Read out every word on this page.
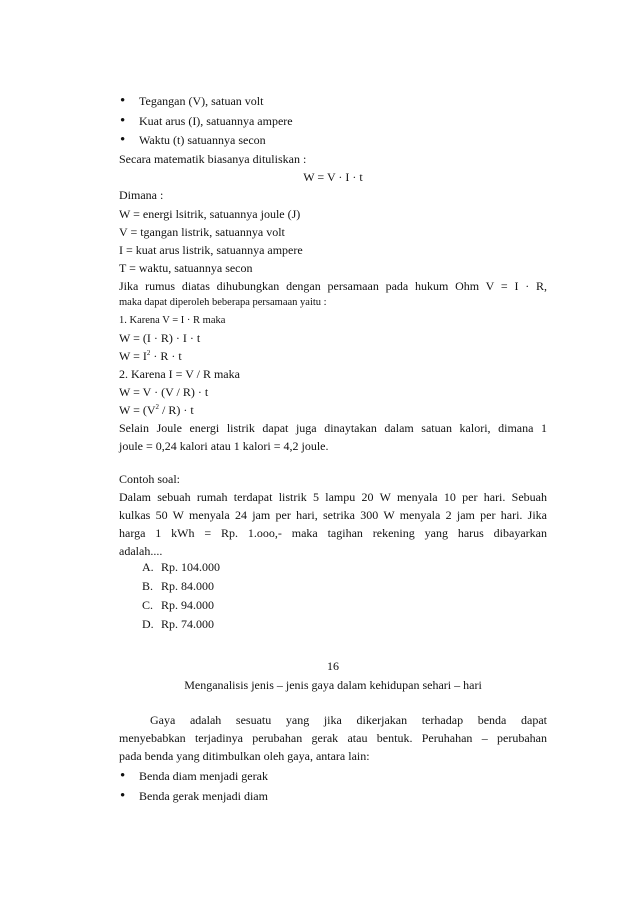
• Tegangan (V), satuan volt
• Kuat arus (I), satuannya ampere
• Waktu (t) satuannya secon
Secara matematik biasanya dituliskan :
W = V · I · t
Dimana :
W = energi lsitrik, satuannya joule (J)
V = tgangan listrik, satuannya volt
I = kuat arus listrik, satuannya ampere
T = waktu, satuannya secon
Jika rumus diatas dihubungkan dengan persamaan pada hukum Ohm V = I · R,
maka dapat diperoleh beberapa persamaan yaitu :
1. Karena V = I · R maka
W = (I · R) · I · t
$W = I^2 \cdot R \cdot t$
2. Karena I = V / R maka
W = V · (V / R) · t
$W = (V^2 / R) \cdot t$
Selain Joule energi listrik dapat juga dinaytakan dalam satuan kalori, dimana 1
joule = 0,24 kalori atau 1 kalori = 4,2 joule.
Contoh soal:
Dalam sebuah rumah terdapat listrik 5 lampu 20 W menyala 10 per hari. Sebuah
kulkas 50 W menyala 24 jam per hari, setrika 300 W menyala 2 jam per hari. Jika
harga 1 kWh = Rp. 1.ooo,- maka tagihan rekening yang harus dibayarkan
adalah....
A. Rp. 104.000
B. Rp. 84.000
C. Rp. 94.000
D. Rp. 74.000
16
Menganalisis jenis – jenis gaya dalam kehidupan sehari – hari
Gaya adalah sesuatu yang jika dikerjakan terhadap benda dapat
menyebabkan terjadinya perubahan gerak atau bentuk. Peruhahan – perubahan
pada benda yang ditimbulkan oleh gaya, antara lain:
• Benda diam menjadi gerak
• Benda gerak menjadi diam
